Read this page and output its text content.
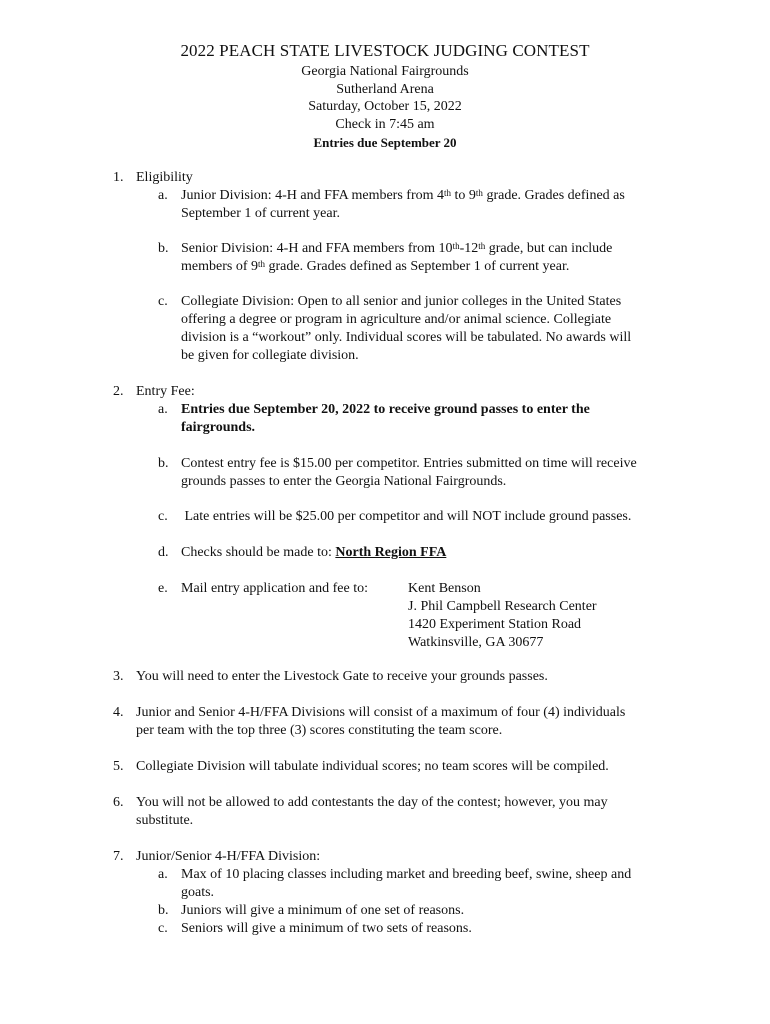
2022 PEACH STATE LIVESTOCK JUDGING CONTEST
Georgia National Fairgrounds
Sutherland Arena
Saturday, October 15, 2022
Check in 7:45 am
Entries due September 20
1. Eligibility
a. Junior Division: 4-H and FFA members from 4th to 9th grade. Grades defined as
September 1 of current year.
b. Senior Division: 4-H and FFA members from 10th-12th grade, but can include
members of 9th grade. Grades defined as September 1 of current year.
c. Collegiate Division: Open to all senior and junior colleges in the United States
offering a degree or program in agriculture and/or animal science. Collegiate
division is a “workout” only. Individual scores will be tabulated. No awards will
be given for collegiate division.
2. Entry Fee:
a. Entries due September 20, 2022 to receive ground passes to enter the
fairgrounds.
b. Contest entry fee is $15.00 per competitor. Entries submitted on time will receive
grounds passes to enter the Georgia National Fairgrounds.
c. Late entries will be $25.00 per competitor and will NOT include ground passes.
d. Checks should be made to: North Region FFA
e. Mail entry application and fee to:	Kent Benson
J. Phil Campbell Research Center
1420 Experiment Station Road
Watkinsville, GA 30677
3. You will need to enter the Livestock Gate to receive your grounds passes.
4. Junior and Senior 4-H/FFA Divisions will consist of a maximum of four (4) individuals
per team with the top three (3) scores constituting the team score.
5. Collegiate Division will tabulate individual scores; no team scores will be compiled.
6. You will not be allowed to add contestants the day of the contest; however, you may
substitute.
7. Junior/Senior 4-H/FFA Division:
a. Max of 10 placing classes including market and breeding beef, swine, sheep and
goats.
b. Juniors will give a minimum of one set of reasons.
c. Seniors will give a minimum of two sets of reasons.
